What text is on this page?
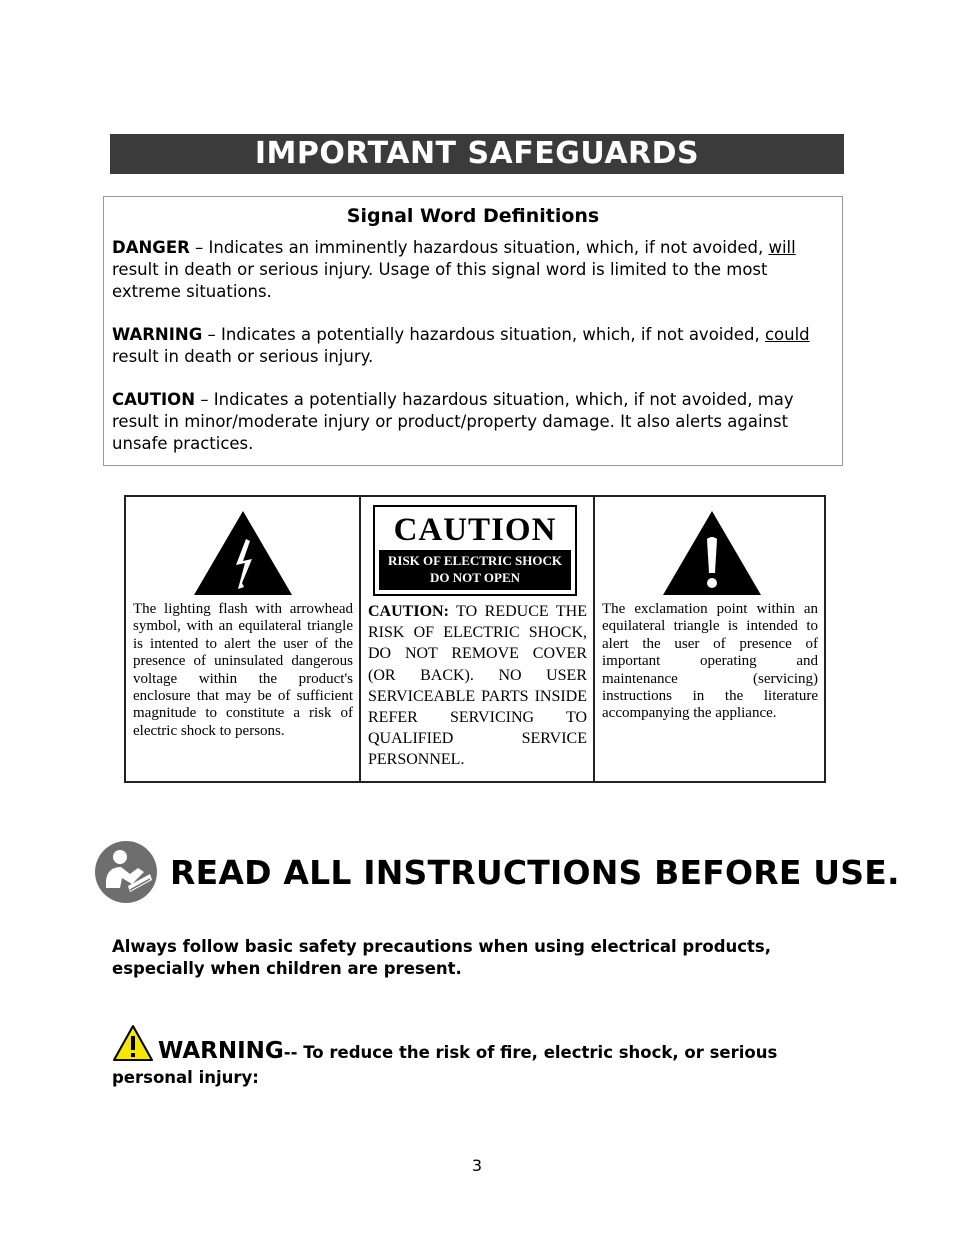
IMPORTANT SAFEGUARDS
Signal Word Definitions

DANGER – Indicates an imminently hazardous situation, which, if not avoided, will result in death or serious injury. Usage of this signal word is limited to the most extreme situations.

WARNING – Indicates a potentially hazardous situation, which, if not avoided, could result in death or serious injury.

CAUTION – Indicates a potentially hazardous situation, which, if not avoided, may result in minor/moderate injury or product/property damage. It also alerts against unsafe practices.

The lighting flash with arrowhead symbol, with an equilateral triangle is intented to alert the user of the presence of uninsulated dangerous voltage within the product's enclosure that may be of sufficient magnitude to constitute a risk of electric shock to persons.
CAUTION
RISK OF ELECTRIC SHOCK
DO NOT OPEN
CAUTION: TO REDUCE THE RISK OF ELECTRIC SHOCK, DO NOT REMOVE COVER (OR BACK). NO USER SERVICEABLE PARTS INSIDE REFER SERVICING TO QUALIFIED SERVICE PERSONNEL.
The exclamation point within an equilateral triangle is intended to alert the user of presence of important operating and maintenance (servicing) instructions in the literature accompanying the appliance.
READ ALL INSTRUCTIONS BEFORE USE.
Always follow basic safety precautions when using electrical products, especially when children are present.
WARNING-- To reduce the risk of fire, electric shock, or serious personal injury:
3
